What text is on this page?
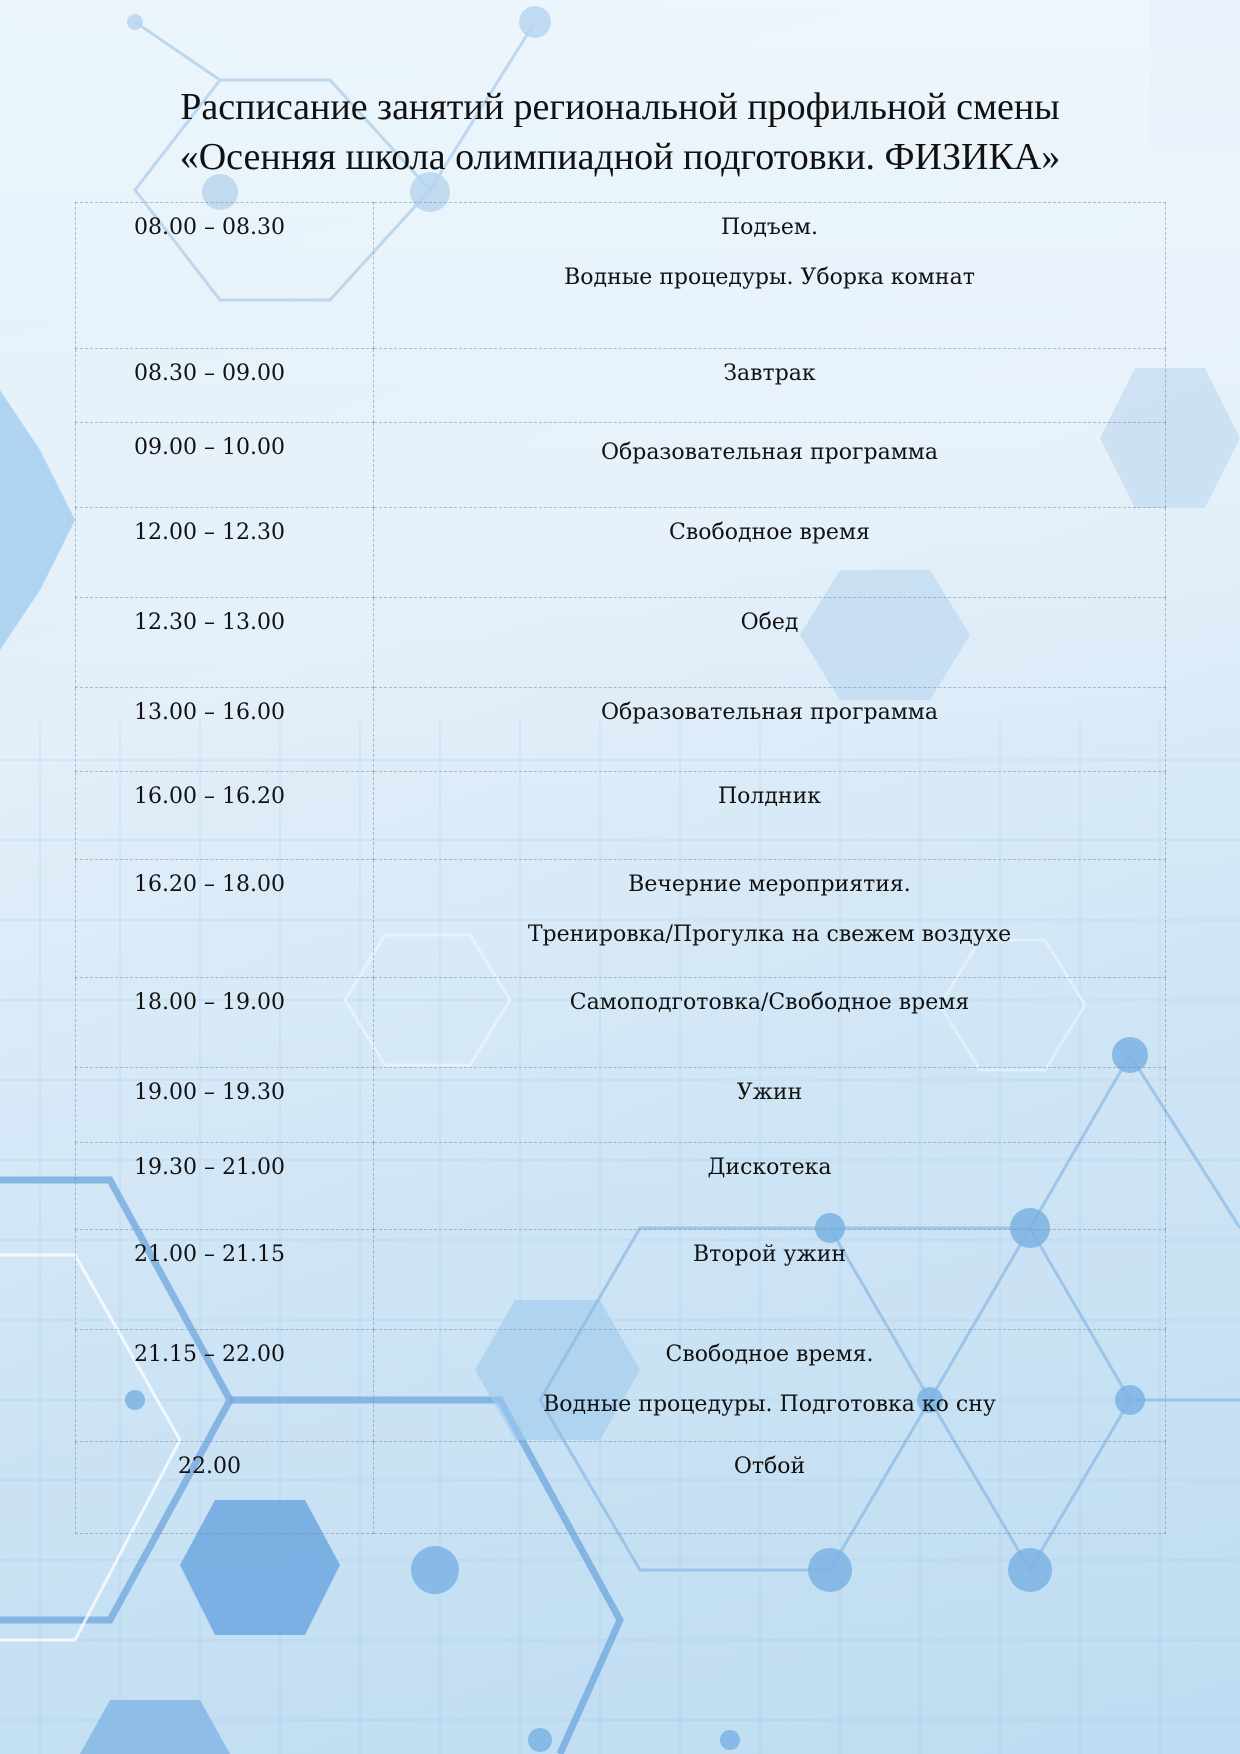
Расписание занятий региональной профильной смены
«Осенняя школа олимпиадной подготовки. ФИЗИКА»
08.00 – 08.30	Подъем.
Водные процедуры. Уборка комнат

08.30 – 09.00	Завтрак

09.00 – 10.00	Образовательная программа

12.00 – 12.30	Свободное время

12.30 – 13.00	Обед

13.00 – 16.00	Образовательная программа

16.00 – 16.20	Полдник

16.20 – 18.00	Вечерние мероприятия.
Тренировка/Прогулка на свежем воздухе

18.00 – 19.00	Самоподготовка/Свободное время

19.00 – 19.30	Ужин

19.30 – 21.00	Дискотека

21.00 – 21.15	Второй ужин

21.15 – 22.00	Свободное время.
Водные процедуры. Подготовка ко сну

22.00	Отбой
